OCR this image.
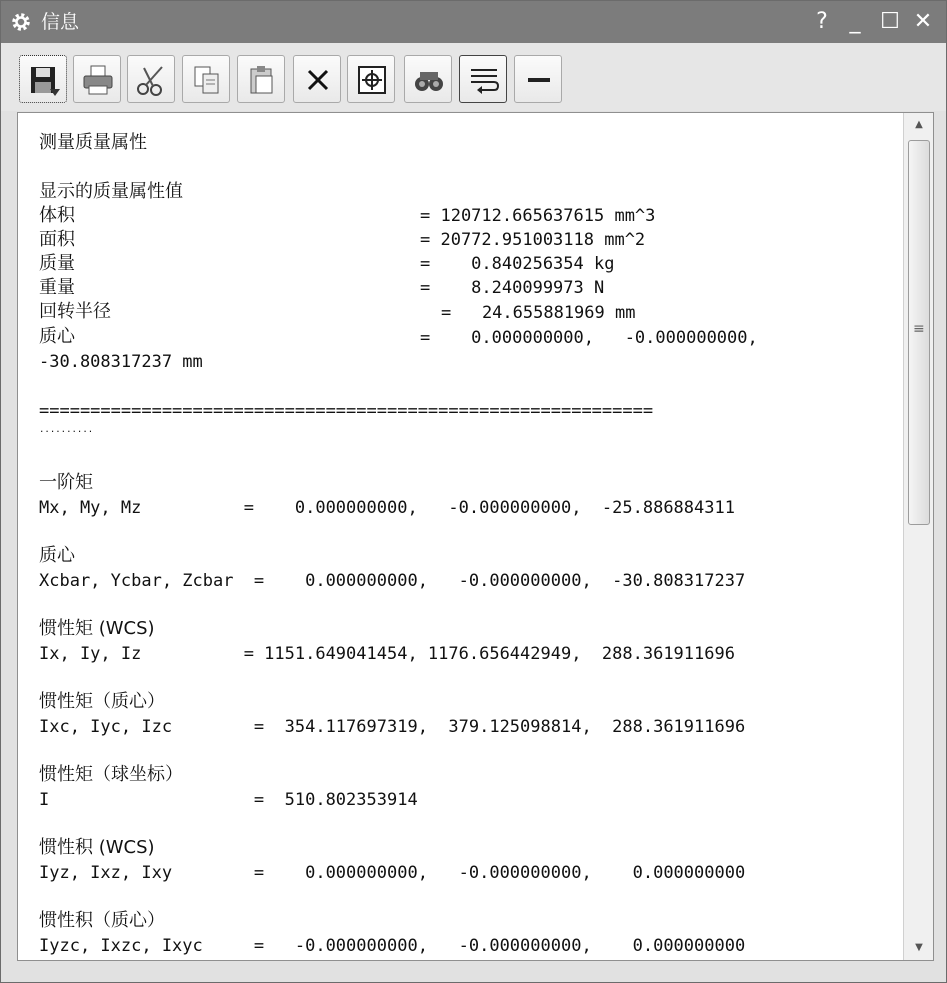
信息	? _ ☐ ✕
测量质量属性
显示的质量属性值
体积	= 120712.665637615 mm^3
面积	= 20772.951003118 mm^2
质量	=    0.840256354 kg
重量	=    8.240099973 N
回转半径	=   24.655881969 mm
质心	=    0.000000000,   -0.000000000,
-30.808317237 mm
============================================================
..........
一阶矩
Mx, My, Mz          =    0.000000000,   -0.000000000,  -25.886884311
质心
Xcbar, Ycbar, Zcbar  =    0.000000000,   -0.000000000,  -30.808317237
惯性矩 (WCS)
Ix, Iy, Iz          = 1151.649041454, 1176.656442949,  288.361911696
惯性矩（质心）
Ixc, Iyc, Izc        =  354.117697319,  379.125098814,  288.361911696
惯性矩（球坐标）
I                    =  510.802353914
惯性积 (WCS)
Iyz, Ixz, Ixy        =    0.000000000,   -0.000000000,    0.000000000
惯性积（质心）
Iyzc, Ixzc, Ixyc     =   -0.000000000,   -0.000000000,    0.000000000
▲
≡
▼
